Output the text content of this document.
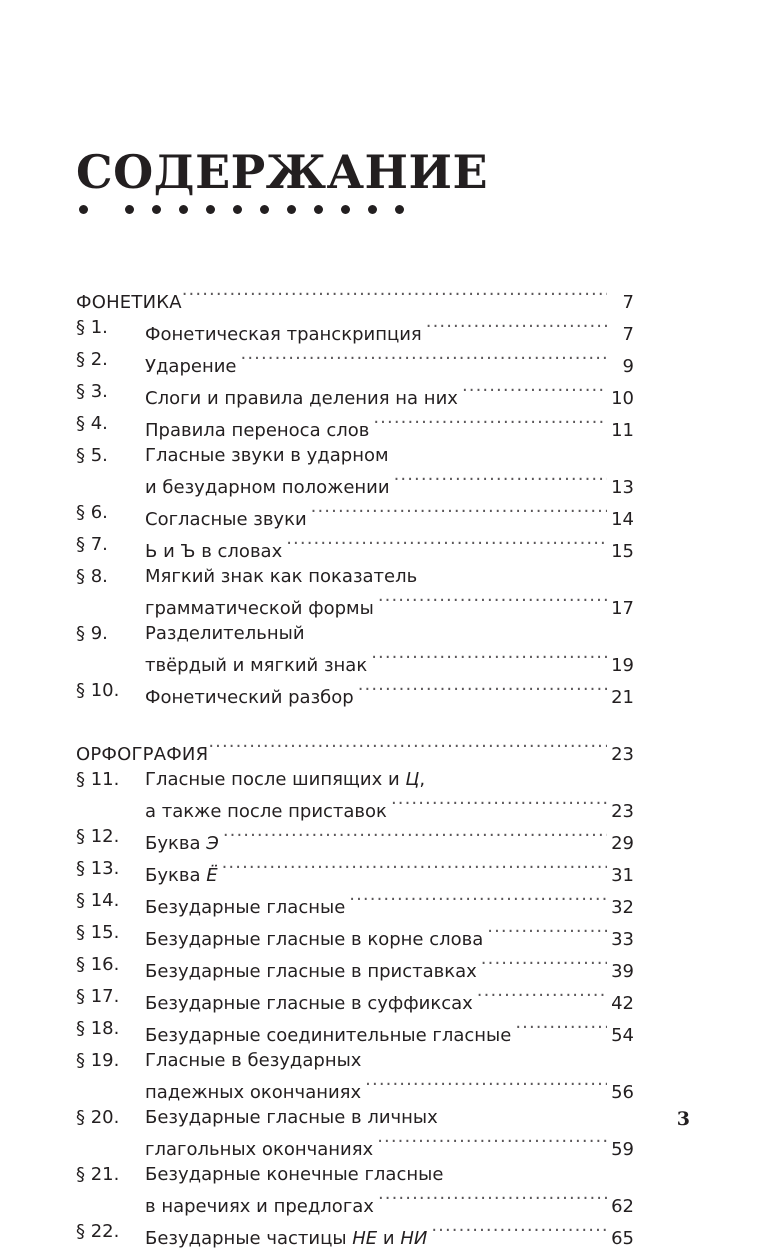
СОДЕРЖАНИЕ
ФОНЕТИКА .....	7
§ 1.	Фонетическая транскрипция .....	7
§ 2.	Ударение .....	9
§ 3.	Слоги и правила деления на них .....	10
§ 4.	Правила переноса слов .....	11
§ 5.	Гласные звуки в ударном
и безударном положении .....	13
§ 6.	Согласные звуки .....	14
§ 7.	Ь и Ъ в словах .....	15
§ 8.	Мягкий знак как показатель
грамматической формы .....	17
§ 9.	Разделительный
твёрдый и мягкий знак .....	19
§ 10.	Фонетический разбор .....	21
ОРФОГРАФИЯ .....	23
§ 11.	Гласные после шипящих и Ц,
а также после приставок .....	23
§ 12.	Буква Э .....	29
§ 13.	Буква Ё .....	31
§ 14.	Безударные гласные .....	32
§ 15.	Безударные гласные в корне слова .....	33
§ 16.	Безударные гласные в приставках .....	39
§ 17.	Безударные гласные в суффиксах .....	42
§ 18.	Безударные соединительные гласные .....	54
§ 19.	Гласные в безударных
падежных окончаниях .....	56
§ 20.	Безударные гласные в личных
глагольных окончаниях .....	59
§ 21.	Безударные конечные гласные
в наречиях и предлогах .....	62
§ 22.	Безударные частицы НЕ и НИ .....	65
3
